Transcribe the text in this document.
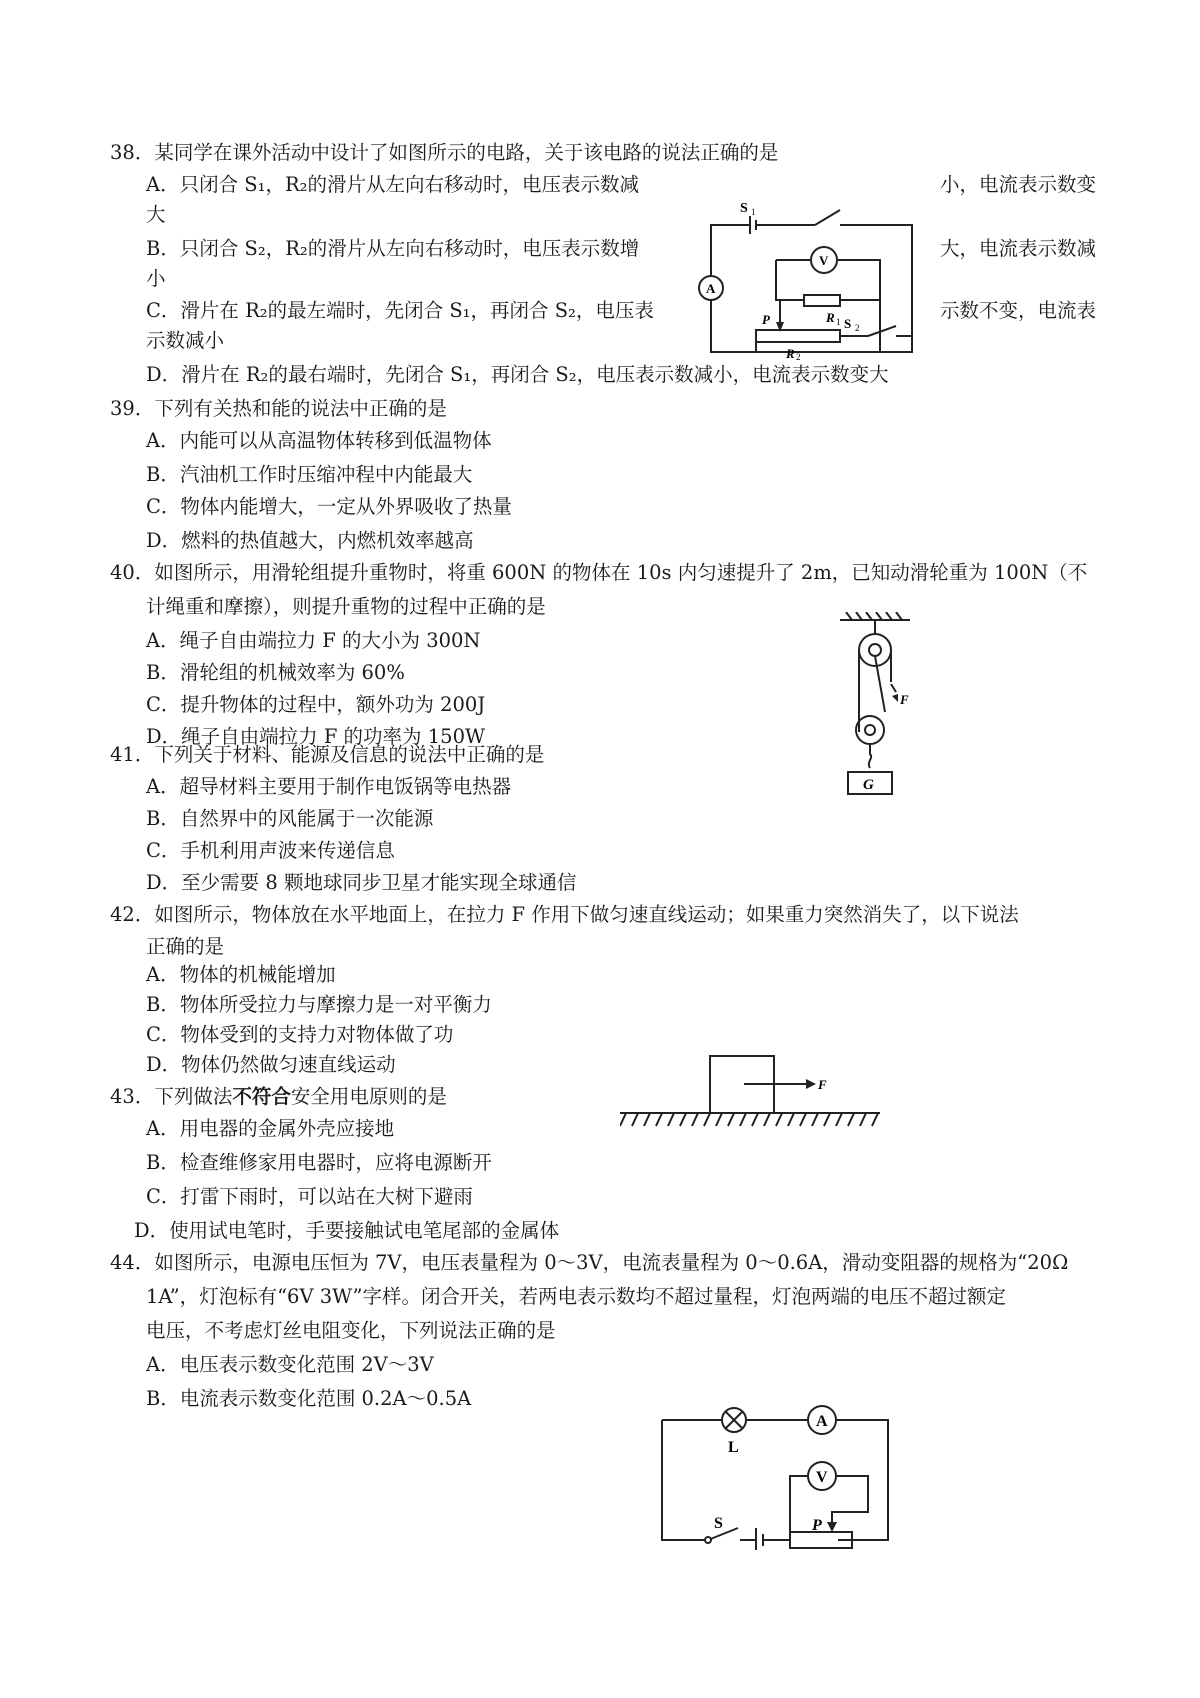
38．某同学在课外活动中设计了如图所示的电路，关于该电路的说法正确的是
A．只闭合 S₁，R₂的滑片从左向右移动时，电压表示数减	小，电流表示数变
大
B．只闭合 S₂，R₂的滑片从左向右移动时，电压表示数增	大，电流表示数减
小
C．滑片在 R₂的最左端时，先闭合 S₁，再闭合 S₂，电压表	示数不变，电流表
示数减小
D．滑片在 R₂的最右端时，先闭合 S₁，再闭合 S₂，电压表示数减小，电流表示数变大
S 1
A
V
R 1
P	S 2
R 2
39．下列有关热和能的说法中正确的是
A．内能可以从高温物体转移到低温物体
B．汽油机工作时压缩冲程中内能最大
C．物体内能增大，一定从外界吸收了热量
D．燃料的热值越大，内燃机效率越高
40．如图所示，用滑轮组提升重物时，将重 600N 的物体在 10s 内匀速提升了 2m，已知动滑轮重为 100N（不
计绳重和摩擦），则提升重物的过程中正确的是
A．绳子自由端拉力 F 的大小为 300N
B．滑轮组的机械效率为 60%
C．提升物体的过程中，额外功为 200J
D．绳子自由端拉力 F 的功率为 150W
F
G
41．下列关于材料、能源及信息的说法中正确的是
A．超导材料主要用于制作电饭锅等电热器
B．自然界中的风能属于一次能源
C．手机利用声波来传递信息
D．至少需要 8 颗地球同步卫星才能实现全球通信
42．如图所示，物体放在水平地面上，在拉力 F 作用下做匀速直线运动；如果重力突然消失了，以下说法
正确的是
A．物体的机械能增加
B．物体所受拉力与摩擦力是一对平衡力
C．物体受到的支持力对物体做了功
D．物体仍然做匀速直线运动
F
43．下列做法不符合安全用电原则的是
A．用电器的金属外壳应接地
B．检查维修家用电器时，应将电源断开
C．打雷下雨时，可以站在大树下避雨
D．使用试电笔时，手要接触试电笔尾部的金属体
44．如图所示，电源电压恒为 7V，电压表量程为 0～3V，电流表量程为 0～0.6A，滑动变阻器的规格为“20Ω
1A”，灯泡标有“6V 3W”字样。闭合开关，若两电表示数均不超过量程，灯泡两端的电压不超过额定
电压，不考虑灯丝电阻变化，下列说法正确的是
A．电压表示数变化范围 2V～3V
B．电流表示数变化范围 0.2A～0.5A
A
V
L
S	P
